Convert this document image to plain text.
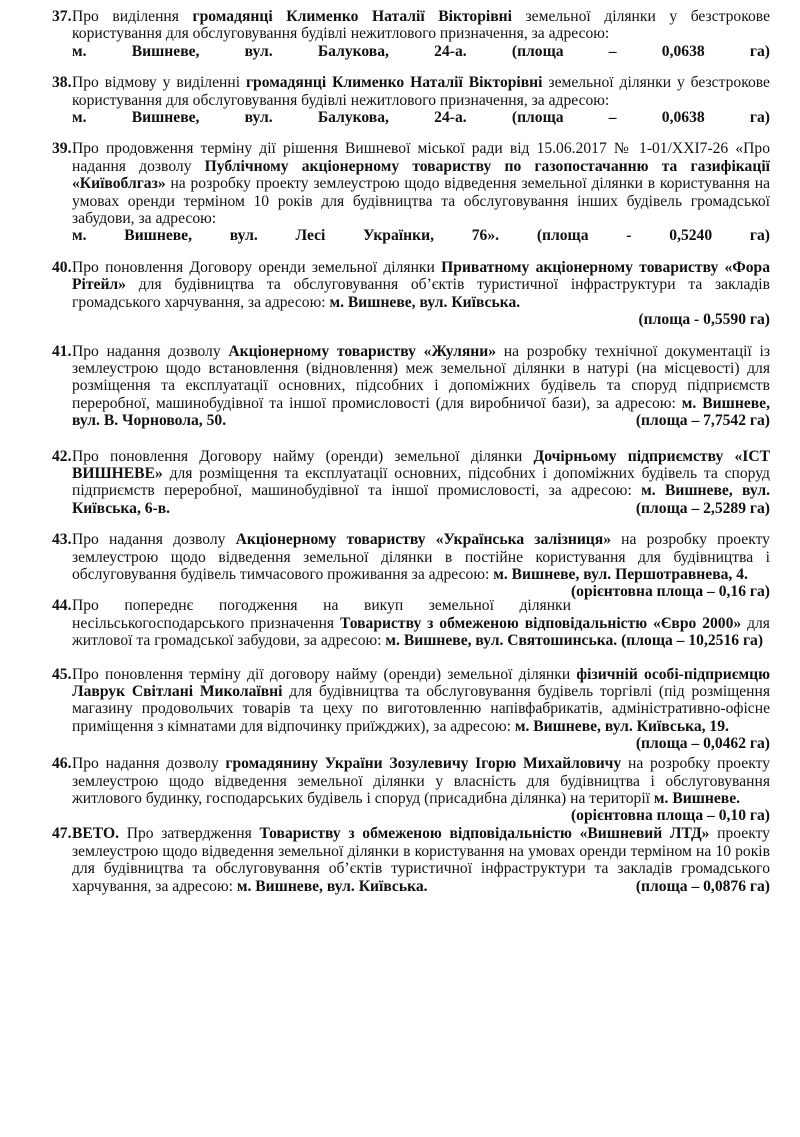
37. Про виділення громадянці Клименко Наталії Вікторівні земельної ділянки у безстрокове користування для обслуговування будівлі нежитлового призначення, за адресою:
м. Вишневе, вул. Балукова, 24-а.	(площа – 0,0638 га)
38. Про відмову у виділенні громадянці Клименко Наталії Вікторівні земельної ділянки у безстрокове користування для обслуговування будівлі нежитлового призначення, за адресою:
м. Вишневе, вул. Балукова, 24-а.	(площа – 0,0638 га)
39. Про продовження терміну дії рішення Вишневої міської ради від 15.06.2017 № 1-01/XXI7-26 «Про надання дозволу Публічному акціонерному товариству по газопостачанню та газифікації «Київоблгаз» на розробку проекту землеустрою щодо відведення земельної ділянки в користування на умовах оренди терміном 10 років для будівництва та обслуговування інших будівель громадської забудови, за адресою:
м. Вишневе, вул. Лесі Українки, 76». (площа - 0,5240 га)
40. Про поновлення Договору оренди земельної ділянки Приватному акціонерному товариству «Фора Рітейл» для будівництва та обслуговування об’єктів туристичної інфраструктури та закладів громадського харчування, за адресою: м. Вишневе, вул. Київська.
(площа - 0,5590 га)
41. Про надання дозволу Акціонерному товариству «Жуляни» на розробку технічної документації із землеустрою щодо встановлення (відновлення) меж земельної ділянки в натурі (на місцевості) для розміщення та експлуатації основних, підсобних і допоміжних будівель та споруд підприємств переробної, машинобудівної та іншої промисловості (для виробничої бази), за адресою: м. Вишневе, вул. В. Чорновола, 50.	(площа – 7,7542 га)
42. Про поновлення Договору найму (оренди) земельної ділянки Дочірньому підприємству «ІСТ ВИШНЕВЕ» для розміщення та експлуатації основних, підсобних і допоміжних будівель та споруд підприємств переробної, машинобудівної та іншої промисловості, за адресою: м. Вишневе, вул. Київська, 6-в.	(площа – 2,5289 га)
43. Про надання дозволу Акціонерному товариству «Українська залізниця» на розробку проекту землеустрою щодо відведення земельної ділянки в постійне користування для будівництва і обслуговування будівель тимчасового проживання за адресою: м. Вишневе, вул. Першотравнева, 4.
(орієнтовна площа – 0,16 га)
44. Про попереднє погодження на викуп земельної ділянки несільськогосподарського призначення Товариству з обмеженою відповідальністю «Євро 2000» для житлової та громадської забудови, за адресою: м. Вишневе, вул. Святошинська. (площа – 10,2516 га)
45. Про поновлення терміну дії договору найму (оренди) земельної ділянки фізичній особі-підприємцю Лаврук Світлані Миколаївні для будівництва та обслуговування будівель торгівлі (під розміщення магазину продовольчих товарів та цеху по виготовленню напівфабрикатів, адміністративно-офісне приміщення з кімнатами для відпочинку приїжджих), за адресою: м. Вишневе, вул. Київська, 19.
(площа – 0,0462 га)
46. Про надання дозволу громадянину України Зозулевичу Ігорю Михайловичу на розробку проекту землеустрою щодо відведення земельної ділянки у власність для будівництва і обслуговування житлового будинку, господарських будівель і споруд (присадибна ділянка) на території м. Вишневе.
(орієнтовна площа – 0,10 га)
47. ВЕТО. Про затвердження Товариству з обмеженою відповідальністю «Вишневий ЛТД» проекту землеустрою щодо відведення земельної ділянки в користування на умовах оренди терміном на 10 років для будівництва та обслуговування об’єктів туристичної інфраструктури та закладів громадського харчування, за адресою: м. Вишневе, вул. Київська.	(площа – 0,0876 га)
